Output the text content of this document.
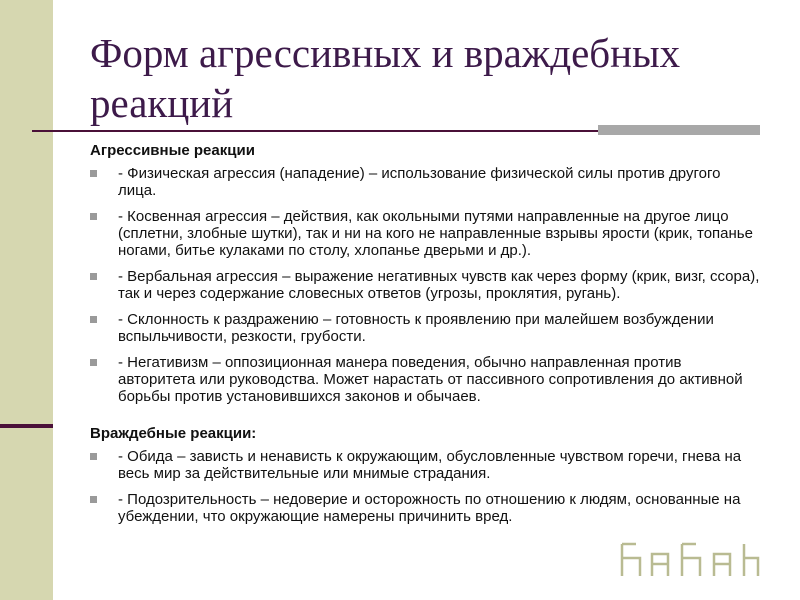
Форм агрессивных и враждебных
реакций
Агрессивные реакции
- Физическая агрессия (нападение) – использование физической силы против другого лица.
- Косвенная агрессия – действия, как окольными путями направленные на другое лицо (сплетни, злобные шутки), так и ни на кого не направленные взрывы ярости (крик, топанье ногами, битье кулаками по столу, хлопанье дверьми и др.).
- Вербальная агрессия – выражение негативных чувств как через форму (крик, визг, ссора), так и через содержание словесных ответов (угрозы, проклятия, ругань).
- Склонность к раздражению – готовность к проявлению при малейшем возбуждении вспыльчивости, резкости, грубости.
- Негативизм – оппозиционная манера поведения, обычно направленная против авторитета или руководства. Может нарастать от пассивного сопротивления до активной борьбы против установившихся законов и обычаев.
Враждебные реакции:
- Обида – зависть и ненависть к окружающим, обусловленные чувством горечи, гнева на весь мир за действительные или мнимые страдания.
- Подозрительность – недоверие и осторожность по отношению к людям, основанные на убеждении, что окружающие намерены причинить вред.
